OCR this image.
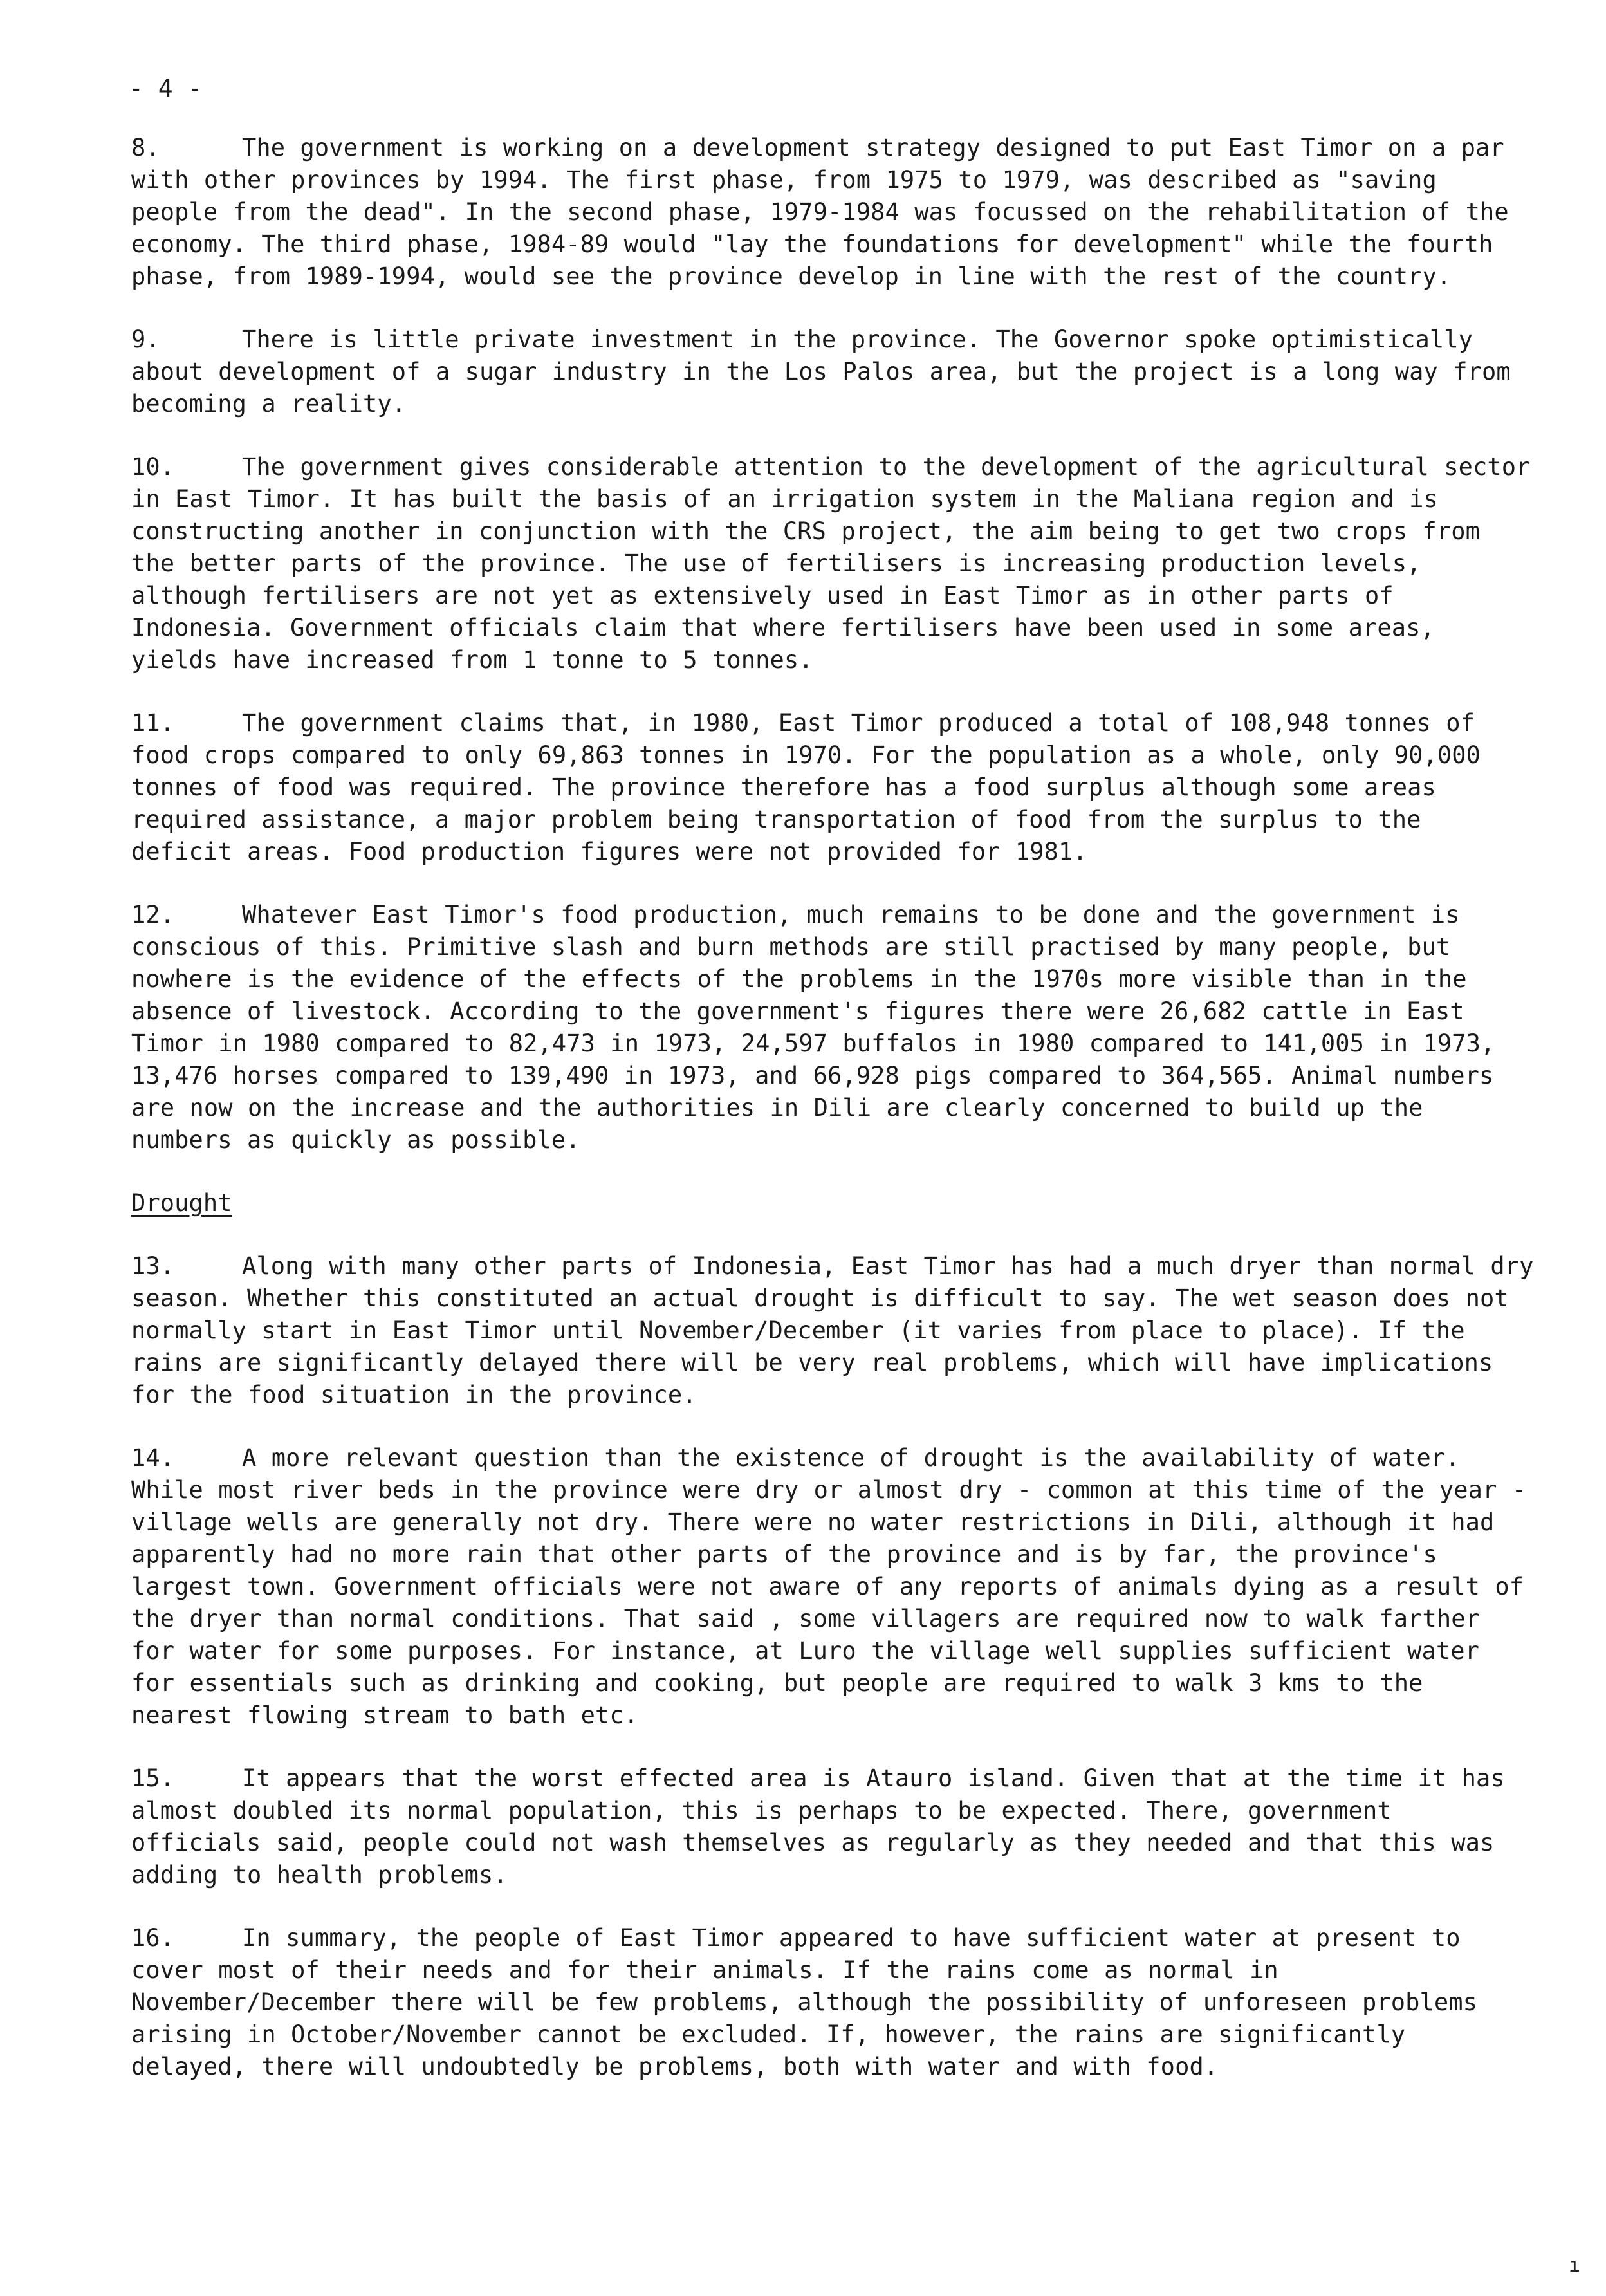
- 4 -

8.	The government is working on a development strategy designed to put East Timor on a par with other provinces by 1994. The first phase, from 1975 to 1979, was described as "saving people from the dead". In the second phase, 1979-1984 was focussed on the rehabilitation of the economy. The third phase, 1984-89 would "lay the foundations for development" while the fourth phase, from 1989-1994, would see the province develop in line with the rest of the country.

9.	There is little private investment in the province. The Governor spoke optimistically about development of a sugar industry in the Los Palos area, but the project is a long way from becoming a reality.

10.	The government gives considerable attention to the development of the agricultural sector in East Timor. It has built the basis of an irrigation system in the Maliana region and is constructing another in conjunction with the CRS project, the aim being to get two crops from the better parts of the province. The use of fertilisers is increasing production levels, although fertilisers are not yet as extensively used in East Timor as in other parts of Indonesia. Government officials claim that where fertilisers have been used in some areas, yields have increased from 1 tonne to 5 tonnes.

11.	The government claims that, in 1980, East Timor produced a total of 108,948 tonnes of food crops compared to only 69,863 tonnes in 1970. For the population as a whole, only 90,000 tonnes of food was required. The province therefore has a food surplus although some areas required assistance, a major problem being transportation of food from the surplus to the deficit areas. Food production figures were not provided for 1981.

12.	Whatever East Timor's food production, much remains to be done and the government is conscious of this. Primitive slash and burn methods are still practised by many people, but nowhere is the evidence of the effects of the problems in the 1970s more visible than in the absence of livestock. According to the government's figures there were 26,682 cattle in East Timor in 1980 compared to 82,473 in 1973, 24,597 buffalos in 1980 compared to 141,005 in 1973, 13,476 horses compared to 139,490 in 1973, and 66,928 pigs compared to 364,565. Animal numbers are now on the increase and the authorities in Dili are clearly concerned to build up the numbers as quickly as possible.

Drought

13.	Along with many other parts of Indonesia, East Timor has had a much dryer than normal dry season. Whether this constituted an actual drought is difficult to say. The wet season does not normally start in East Timor until November/December (it varies from place to place). If the rains are significantly delayed there will be very real problems, which will have implications for the food situation in the province.

14.	A more relevant question than the existence of drought is the availability of water. While most river beds in the province were dry or almost dry - common at this time of the year - village wells are generally not dry. There were no water restrictions in Dili, although it had apparently had no more rain that other parts of the province and is by far, the province's largest town. Government officials were not aware of any reports of animals dying as a result of the dryer than normal conditions. That said , some villagers are required now to walk farther for water for some purposes. For instance, at Luro the village well supplies sufficient water for essentials such as drinking and cooking, but people are required to walk 3 kms to the nearest flowing stream to bath etc.

15.	It appears that the worst effected area is Atauro island. Given that at the time it has almost doubled its normal population, this is perhaps to be expected. There, government officials said, people could not wash themselves as regularly as they needed and that this was adding to health problems.

16.	In summary, the people of East Timor appeared to have sufficient water at present to cover most of their needs and for their animals. If the rains come as normal in November/December there will be few problems, although the possibility of unforeseen problems arising in October/November cannot be excluded. If, however, the rains are significantly delayed, there will undoubtedly be problems, both with water and with food.

ı
